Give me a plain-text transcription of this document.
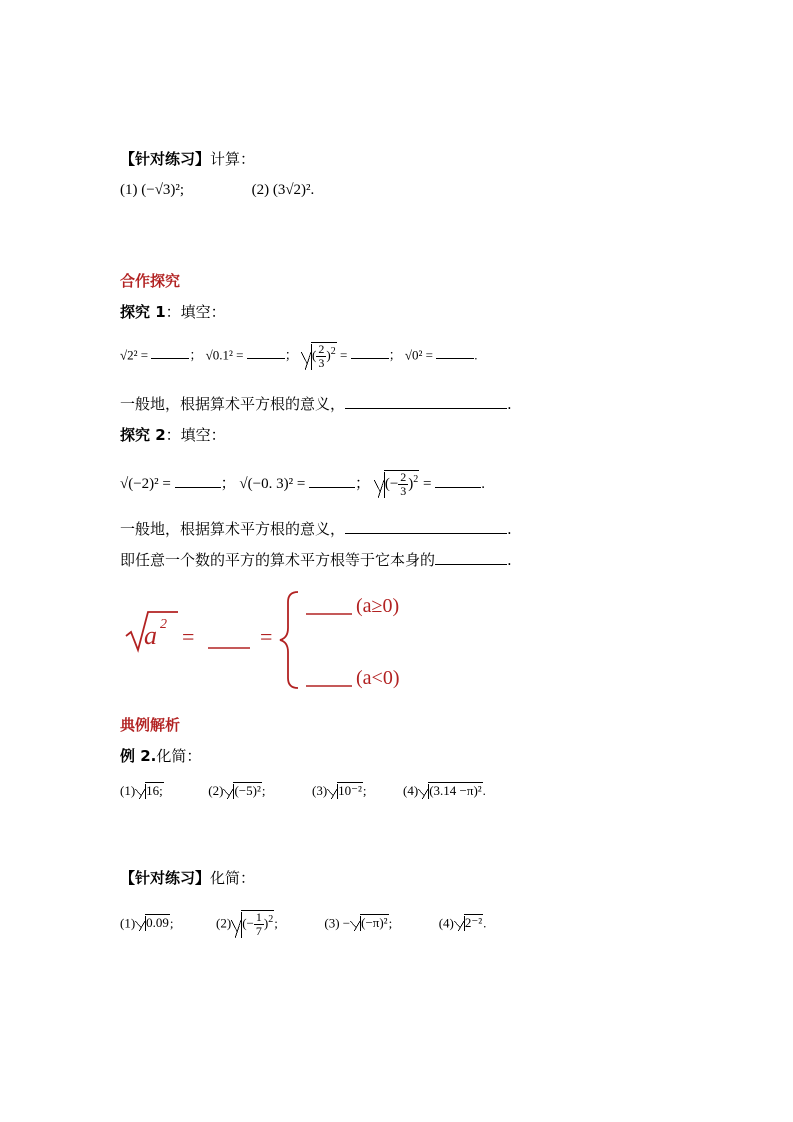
【针对练习】计算：
(1) (−√3)²;	(2) (3√2)².
合作探究
探究 1：填空：
√2² =	； √0.1² =	； ( $\frac{2}{3} )^2$ =	； √0² =	.
一般地，根据算术平方根的意义，	.
探究 2：填空：
√(−2)² =	； √(−0. 3)² =	； (− $\frac{2}{3} )^2$ =	.
一般地，根据算术平方根的意义，	.
即任意一个数的平方的算术平方根等于它本身的	.
a 2 =	=
(a≥0)
(a<0)
典例解析
例 2.化简：
(1) 16;	(2) (−5)²;	(3) 10⁻²;	(4) (3.14 −π)².
【针对练习】化简：
(1) 0.09;	(2) (− $\frac{1}{7} )^2$;	(3) − (−π)²;	(4) 2⁻².
